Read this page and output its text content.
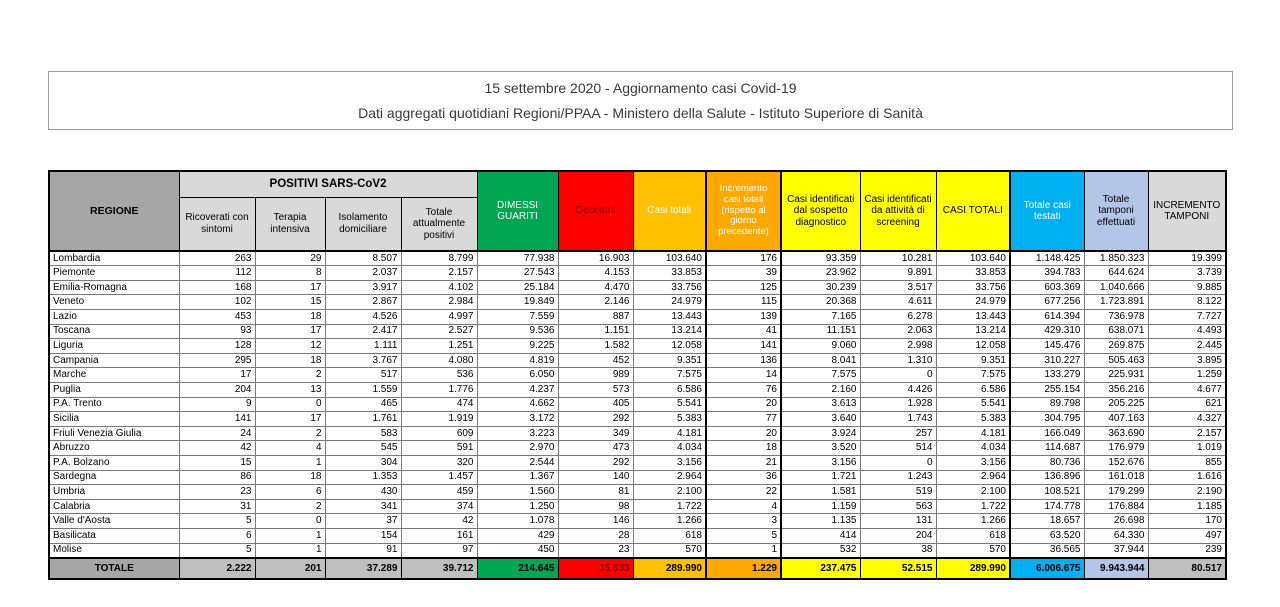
15 settembre 2020 - Aggiornamento casi Covid-19
Dati aggregati quotidiani Regioni/PPAA - Ministero della Salute - Istituto Superiore di Sanità
REGIONE	POSITIVI SARS-CoV2				DIMESSI GUARITI	Deceduti	Casi totali	Incremento casi totali (rispetto al giorno precedente)	Casi identificati dal sospetto diagnostico	Casi identificati da attività di screening	CASI TOTALI	Totale casi testati	Totale tamponi effettuati	INCREMENTO TAMPONI
	Ricoverati con sintomi	Terapia intensiva	Isolamento domiciliare	Totale attualmente positivi										
Lombardia	263	29	8.507	8.799	77.938	16.903	103.640	176	93.359	10.281	103.640	1.148.425	1.850.323	19.399
Piemonte	112	8	2.037	2.157	27.543	4.153	33.853	39	23.962	9.891	33.853	394.783	644.624	3.739
Emilia-Romagna	168	17	3.917	4.102	25.184	4.470	33.756	125	30.239	3.517	33.756	603.369	1.040.666	9.885
Veneto	102	15	2.867	2.984	19.849	2.146	24.979	115	20.368	4.611	24.979	677.256	1.723.891	8.122
Lazio	453	18	4.526	4.997	7.559	887	13.443	139	7.165	6.278	13.443	614.394	736.978	7.727
Toscana	93	17	2.417	2.527	9.536	1.151	13.214	41	11.151	2.063	13.214	429.310	638.071	4.493
Liguria	128	12	1.111	1.251	9.225	1.582	12.058	141	9.060	2.998	12.058	145.476	269.875	2.445
Campania	295	18	3.767	4.080	4.819	452	9.351	136	8.041	1.310	9.351	310.227	505.463	3.895
Marche	17	2	517	536	6.050	989	7.575	14	7.575	0	7.575	133.279	225.931	1.259
Puglia	204	13	1.559	1.776	4.237	573	6.586	76	2.160	4.426	6.586	255.154	356.216	4.677
P.A. Trento	9	0	465	474	4.662	405	5.541	20	3.613	1.928	5.541	89.798	205.225	621
Sicilia	141	17	1.761	1.919	3.172	292	5.383	77	3.640	1.743	5.383	304.795	407.163	4.327
Friuli Venezia Giulia	24	2	583	609	3.223	349	4.181	20	3.924	257	4.181	166.049	363.690	2.157
Abruzzo	42	4	545	591	2.970	473	4.034	18	3.520	514	4.034	114.687	176.979	1.019
P.A. Bolzano	15	1	304	320	2.544	292	3.156	21	3.156	0	3.156	80.736	152.676	855
Sardegna	86	18	1.353	1.457	1.367	140	2.964	36	1.721	1.243	2.964	136.896	161.018	1.616
Umbria	23	6	430	459	1.560	81	2.100	22	1.581	519	2.100	108.521	179.299	2.190
Calabria	31	2	341	374	1.250	98	1.722	4	1.159	563	1.722	174.778	176.884	1.185
Valle d'Aosta	5	0	37	42	1.078	146	1.266	3	1.135	131	1.266	18.657	26.698	170
Basilicata	6	1	154	161	429	28	618	5	414	204	618	63.520	64.330	497
Molise	5	1	91	97	450	23	570	1	532	38	570	36.565	37.944	239
TOTALE	2.222	201	37.289	39.712	214.645	35.633	289.990	1.229	237.475	52.515	289.990	6.006.675	9.943.944	80.517
